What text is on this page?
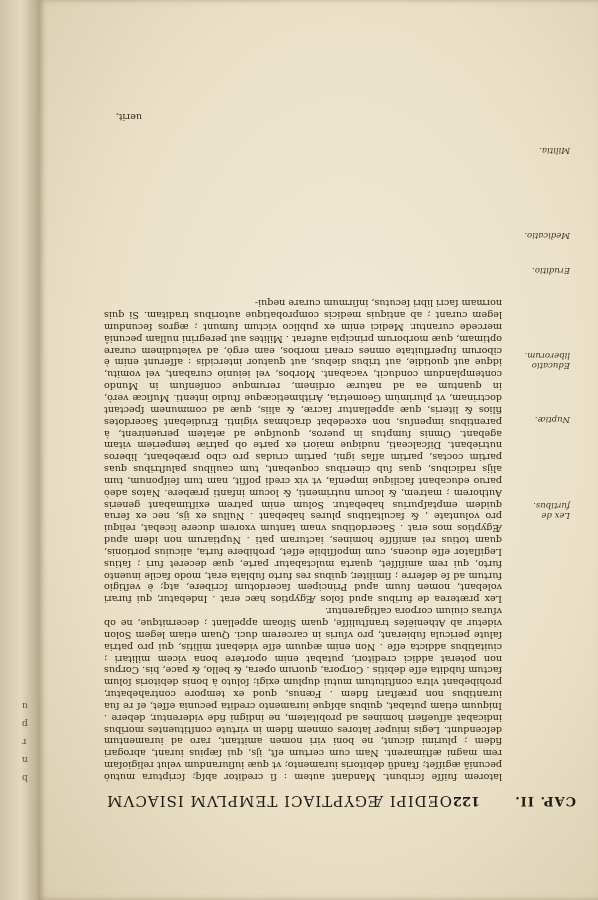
u
p
r
n
b
CAP. II.
122
OEDIPI ÆGYPTIACI TEMPLVM ISIACVM

latorem fuiſſe ſcribunt. Mandant autem : ſi creditor abſq; ſcriptura mutuò pecuniã ægiſſet; ſtandũ debitoris iuramento; vt quæ iuſiurandum velut religioſam rem magni æſtimarent. Nam cum certum eſt, ijs, qui ſæpius iurant, abrogari fidem ; plurimi dicunt, ne boni viri nomen amittant, raro ad iuramentum deſcendunt. Legis iniuper latores omnem fidem in virtute conſtituentes moribus indicabat aſſuefieri homines ad probitatem, ne indigni fide viderentur, debere . Iniquum etiam putabat, quibus abſque iuramento credita pecunia eſſet, eſ re ſua iurantibus non præſtari fidem . Fœnus, quod ex tempore contrahebatur, prohibebant vltra conſtitutum mutui duplum exigi; ſoluto à bonis debitoris ſolum factum ſubdita eſſe debitis . Corpora, quorum opera, & bello, & pace, bis. Corpus non poterat addici creditori, putabat enim oportere bona vicem militari ; ciuitatibus addicta eſſe . Non enim æquum eſſe videbant militis, qui pro patria ſalute pericula ſubierant, pro vſuris in carcerem duci. Quam etiam legem Solon videtur ab Atheniëſes tranſtuliſſe, quam Sifoam appellant ; decernitque, ne ob vſuras ciuium corpora caſtigarentur.

Lex præterea de furibus apud ſolos Ægyptios hæc erat . Indebatur, qui furari volebant, nomen ſuum apud Principem ſacerdotum ſcribere, atq; è veſtigio furtum ad ſe deferre ; ſimiliter, quibus res furto ſublata erat, modo facile inuento furto, qui rem amiſiſſet, quarta mulctabatur parte, quæ deceret furi ; ſatius Legiſlator eſſe ducens, cum impoſſibile eſſet, prohibere furta, alicuius portionis, quam totius rei amiſiſſe homines, iacturam pati . Nuptiarum non idem apud Ægyptios mos erat . Sacerdotibus vnam tantum vxorem ducere licebat, reliqui pro voluntate , & facultatibus plures habebant . Nullus ex ijs, nec ex ſerua quidem emptaſpurius habebatur. Solum enim patrem exiſtimabant generis Authorem ; matrem, & locum nutrimenti, & locum infanti præbere. Natos adeò paruo educabant facilique impenſa, vt vix credi poſſit, nam tum ſeiſponum, tum alijs radicibus, quas ſub cineribus coquebant, tum caulibus paluſtribus quas partim coctas, partim aſſas igni, partim crudas pro cibo præbebant, liberos nutriebant. Diſcalceati, nudique maiori ex parte ob patriæ temperiem vitam agebant. Omnis ſumptus in pueros, quouſque ad ætatem peruenirent, à parentibus impenſus, non excedebat drachmas viginti. Erudiebant Sacerdotes filios & literis, quæ appellantur ſacræ, & aliis, quæ ad communem ſpectant doctrinam, vt plurimùm Geometria, Arithmeticæque ſtudio intenti. Muſicæ verò, in quantum ea ad naturæ ordinem, rerumque conſenſum in Mundo contemplandum conducit, vacabant. Morbos, vel ieiunio curabant, vel vomitu, idque aut quotidie, aut tribus diebus, aut quatuor intercidis : aſſerunt enim è ciborum ſuperfluitate omnes creari morbos, eam ergò, ad valetudinem curare optimam, quæ morborum principia auferat . Milites aut peregrini nullam pecuniâ mercede curantur. Medici enim ex publico victum ſumunt ; ægros ſecundum legem curant ; ab antiquis medicis comprobatique autoribus traditam. Si quis normam ſacri libri ſecutus, inſirmum curare nequi-

uerit,
Lex de furtibus.
Nuptiæ.
Educatio liberorum.
Eruditio.
Medicatio.
Militia.
